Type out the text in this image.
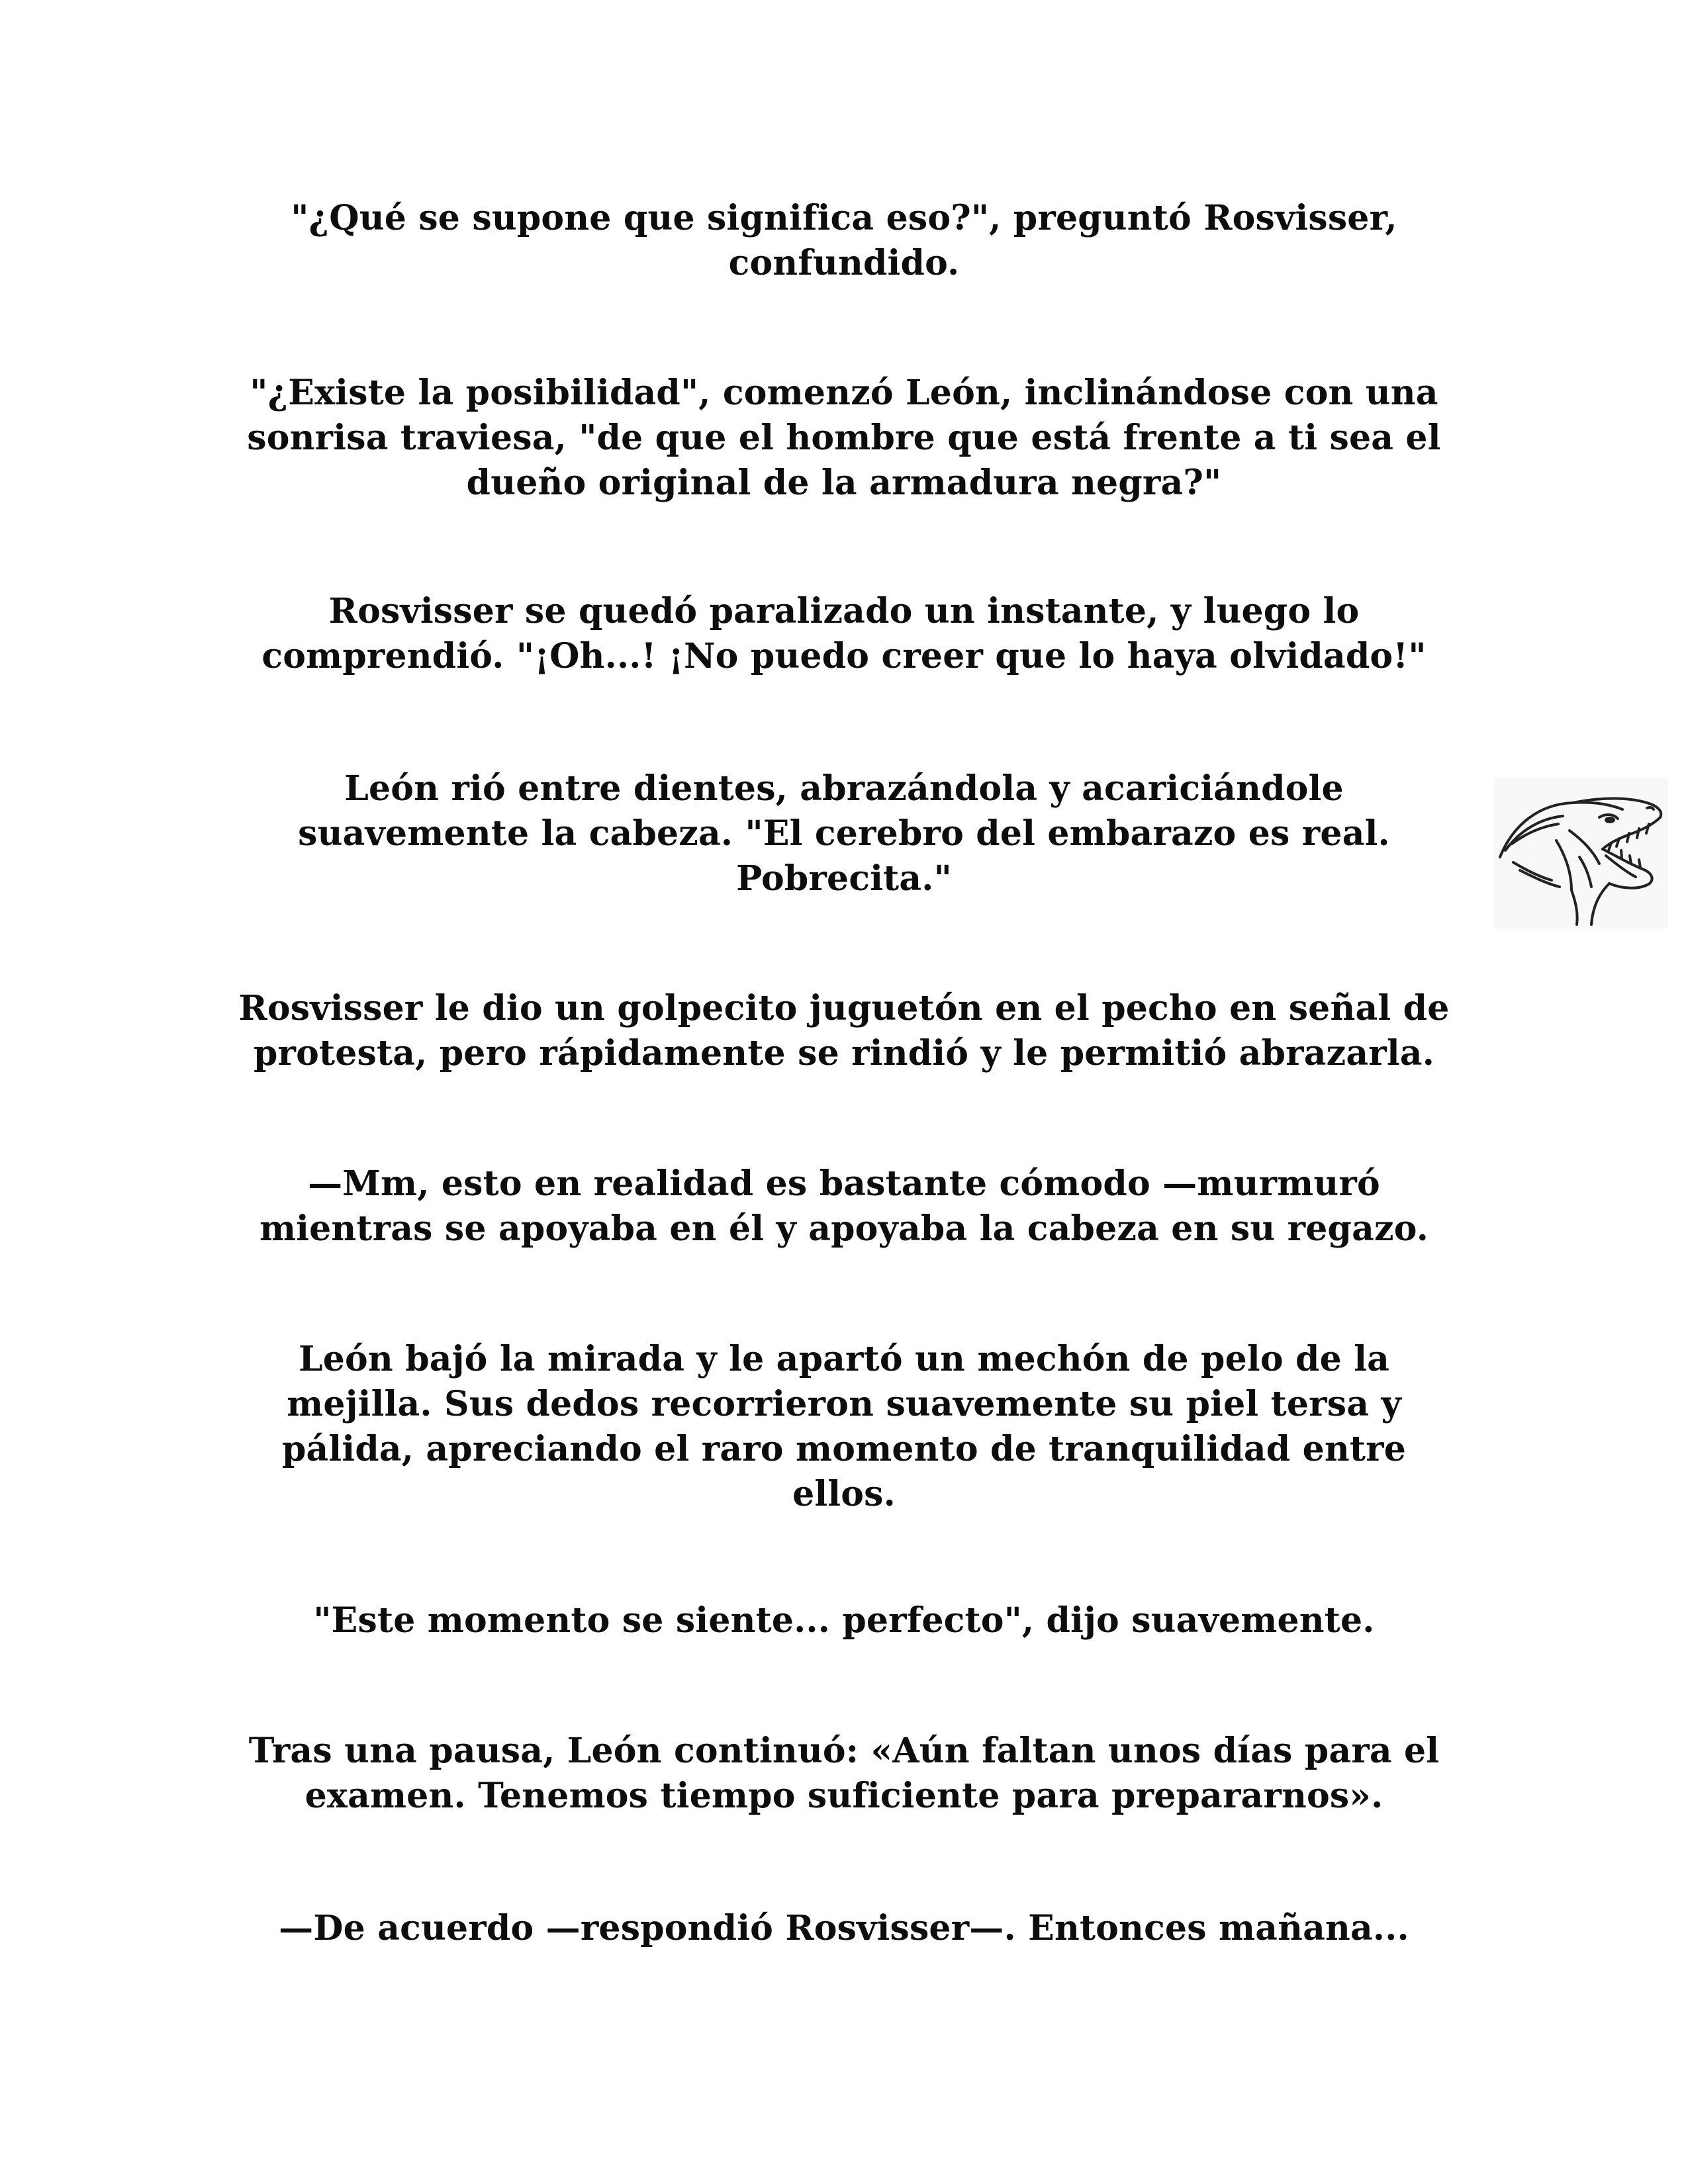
"¿Qué se supone que significa eso?", preguntó Rosvisser, confundido.

"¿Existe la posibilidad", comenzó León, inclinándose con una sonrisa traviesa, "de que el hombre que está frente a ti sea el dueño original de la armadura negra?"

Rosvisser se quedó paralizado un instante, y luego lo comprendió. "¡Oh...! ¡No puedo creer que lo haya olvidado!"

León rió entre dientes, abrazándola y acariciándole suavemente la cabeza. "El cerebro del embarazo es real. Pobrecita."

Rosvisser le dio un golpecito juguetón en el pecho en señal de protesta, pero rápidamente se rindió y le permitió abrazarla.

—Mm, esto en realidad es bastante cómodo —murmuró mientras se apoyaba en él y apoyaba la cabeza en su regazo.

León bajó la mirada y le apartó un mechón de pelo de la mejilla. Sus dedos recorrieron suavemente su piel tersa y pálida, apreciando el raro momento de tranquilidad entre ellos.

"Este momento se siente... perfecto", dijo suavemente.

Tras una pausa, León continuó: «Aún faltan unos días para el examen. Tenemos tiempo suficiente para prepararnos».

—De acuerdo —respondió Rosvisser—. Entonces mañana...
